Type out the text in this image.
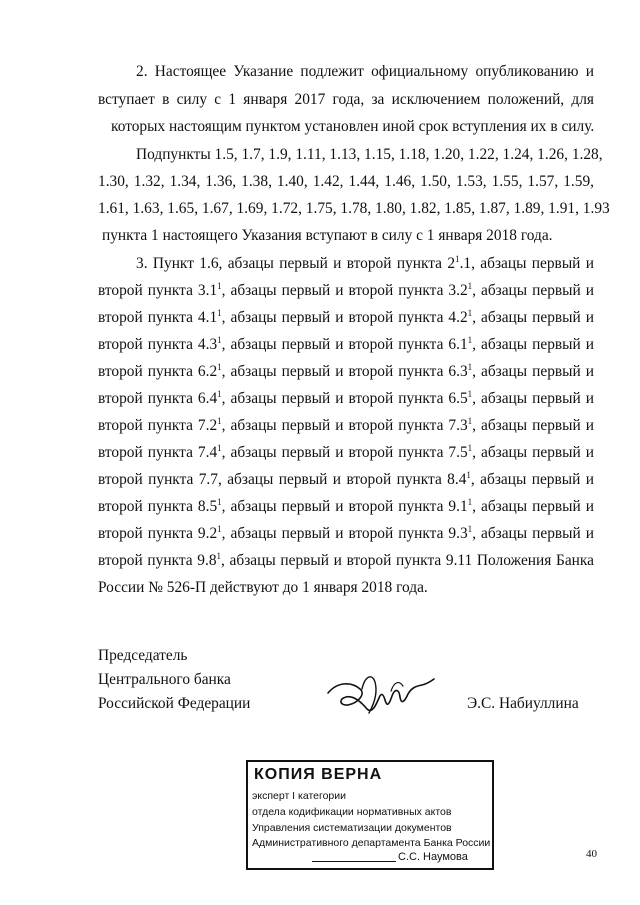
2. Настоящее Указание подлежит официальному опубликованию и
вступает в силу с 1 января 2017 года, за исключением положений, для
которых настоящим пунктом установлен иной срок вступления их в силу.
Подпункты 1.5, 1.7, 1.9, 1.11, 1.13, 1.15, 1.18, 1.20, 1.22, 1.24, 1.26, 1.28,
1.30, 1.32, 1.34, 1.36, 1.38, 1.40, 1.42, 1.44, 1.46, 1.50, 1.53, 1.55, 1.57, 1.59,
1.61, 1.63, 1.65, 1.67, 1.69, 1.72, 1.75, 1.78, 1.80, 1.82, 1.85, 1.87, 1.89, 1.91, 1.93
пункта 1 настоящего Указания вступают в силу с 1 января 2018 года.
3. Пункт 1.6, абзацы первый и второй пункта $2^1.1$, абзацы первый и
второй пункта $3.1^1$, абзацы первый и второй пункта $3.2^1$, абзацы первый и
второй пункта $4.1^1$, абзацы первый и второй пункта $4.2^1$, абзацы первый и
второй пункта $4.3^1$, абзацы первый и второй пункта $6.1^1$, абзацы первый и
второй пункта $6.2^1$, абзацы первый и второй пункта $6.3^1$, абзацы первый и
второй пункта $6.4^1$, абзацы первый и второй пункта $6.5^1$, абзацы первый и
второй пункта $7.2^1$, абзацы первый и второй пункта $7.3^1$, абзацы первый и
второй пункта $7.4^1$, абзацы первый и второй пункта $7.5^1$, абзацы первый и
второй пункта 7.7, абзацы первый и второй пункта $8.4^1$, абзацы первый и
второй пункта $8.5^1$, абзацы первый и второй пункта $9.1^1$, абзацы первый и
второй пункта $9.2^1$, абзацы первый и второй пункта $9.3^1$, абзацы первый и
второй пункта $9.8^1$, абзацы первый и второй пункта 9.11 Положения Банка
России № 526-П действуют до 1 января 2018 года.
Председатель
Центрального банка
Российской Федерации	Э.С. Набиуллина
КОПИЯ ВЕРНА
эксперт I категории
отдела кодификации нормативных актов
Управления систематизации документов
Административного департамента Банка России
С.С. Наумова	40
